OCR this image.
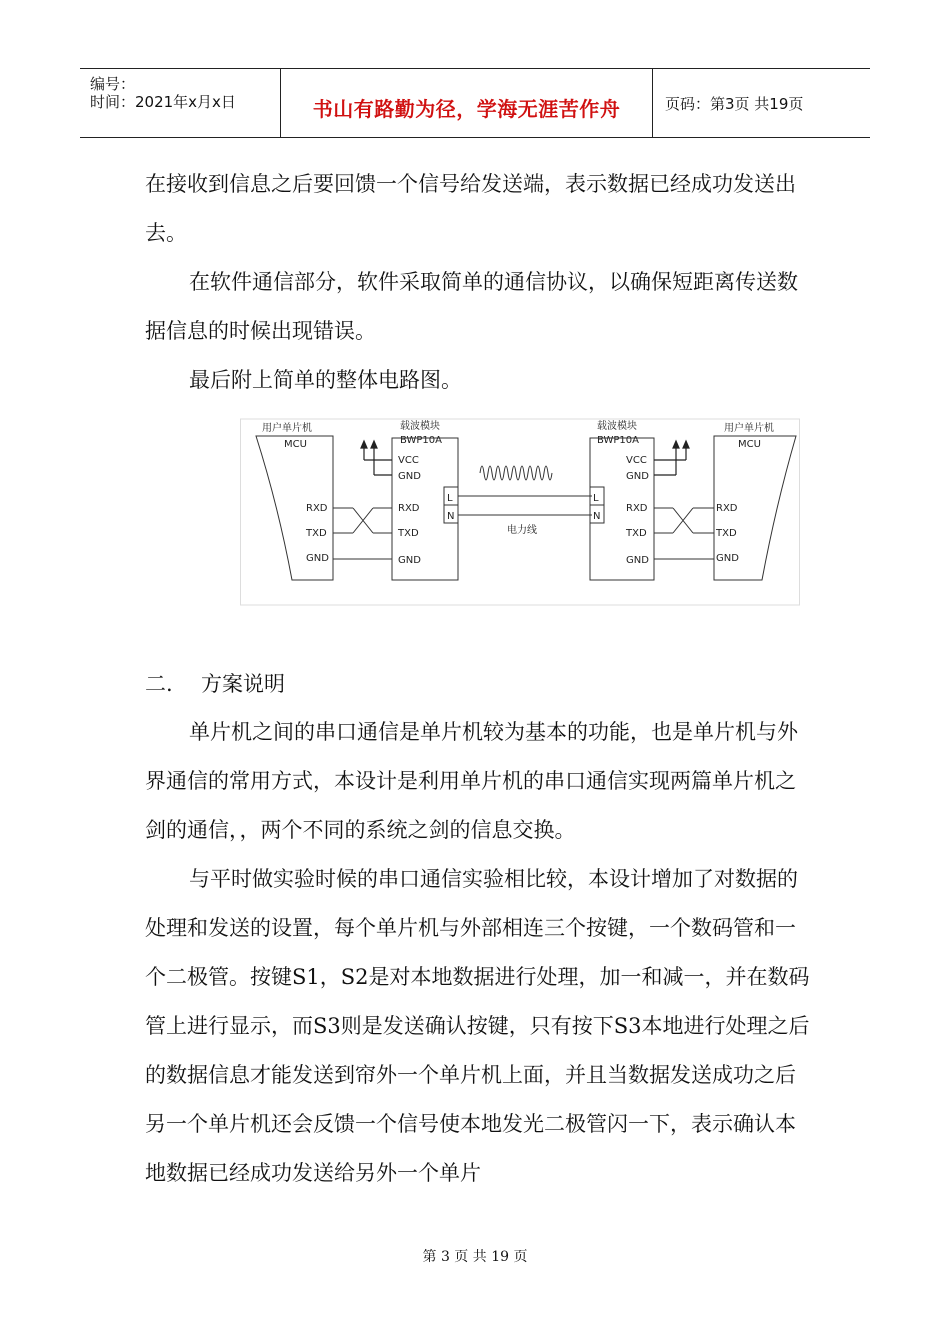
编号：
时间：2021年x月x日	书山有路勤为径，学海无涯苦作舟	页码：第3页 共19页

在接收到信息之后要回馈一个信号给发送端，表示数据已经成功发送出去。

在软件通信部分，软件采取简单的通信协议，以确保短距离传送数据信息的时候出现错误。

最后附上简单的整体电路图。

用户单片机
MCU
RXD
TXD
GND
载波模块
BWP10A
VCC
GND
RXD
TXD
GND
L
N
电力线
载波模块
BWP10A
L
N
VCC
GND
RXD
TXD
GND
用户单片机
MCU
RXD
TXD
GND
二. 方案说明

单片机之间的串口通信是单片机较为基本的功能，也是单片机与外界通信的常用方式，本设计是利用单片机的串口通信实现两篇单片机之剑的通信，，两个不同的系统之剑的信息交换。

与平时做实验时候的串口通信实验相比较，本设计增加了对数据的处理和发送的设置，每个单片机与外部相连三个按键，一个数码管和一个二极管。按键S1，S2是对本地数据进行处理，加一和减一，并在数码管上进行显示，而S3则是发送确认按键，只有按下S3本地进行处理之后的数据信息才能发送到帘外一个单片机上面，并且当数据发送成功之后另一个单片机还会反馈一个信号使本地发光二极管闪一下，表示确认本地数据已经成功发送给另外一个单片

第 3 页 共 19 页
